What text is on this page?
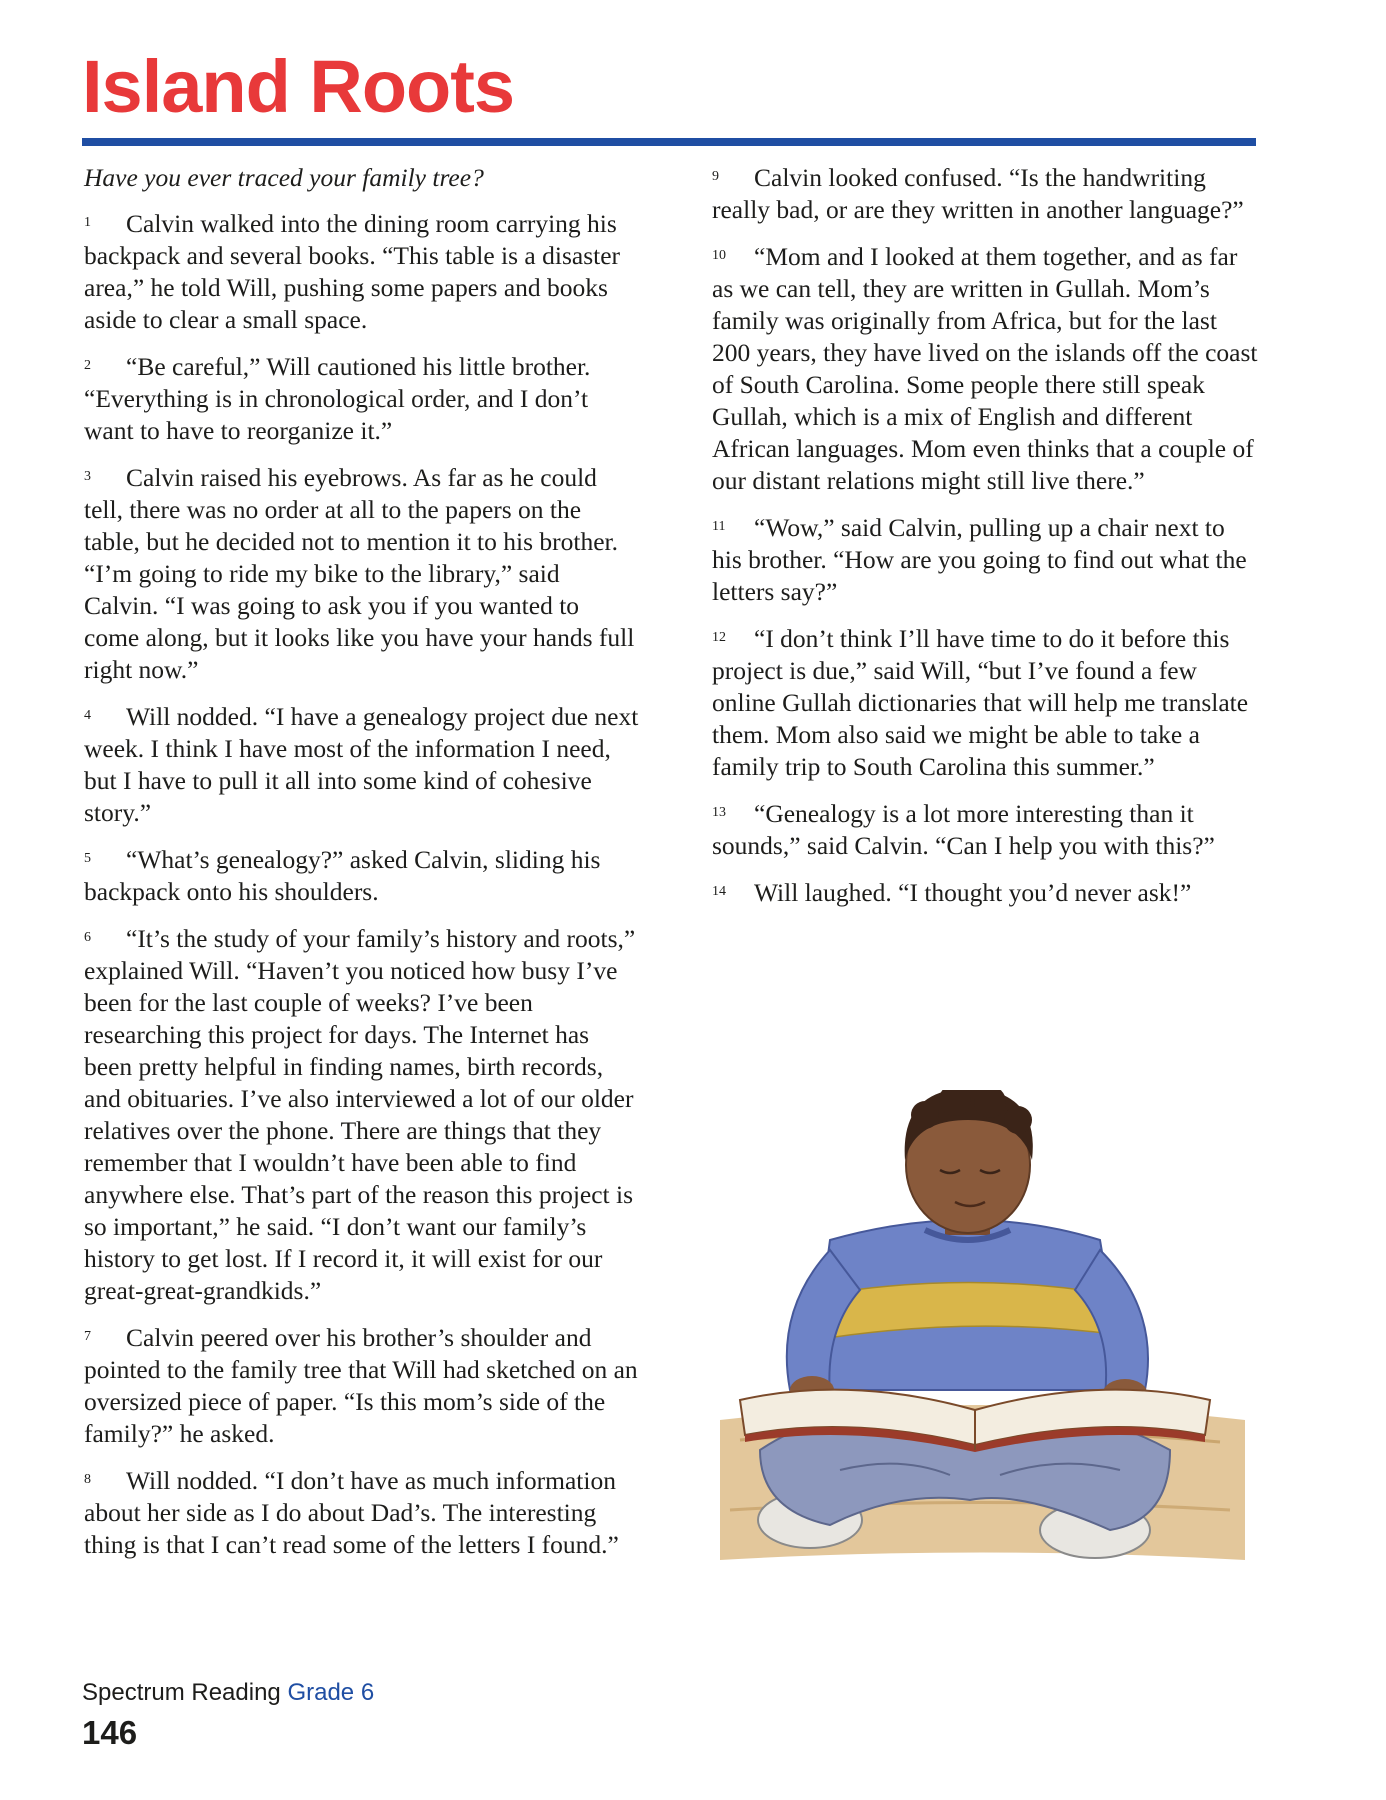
Island Roots

Have you ever traced your family tree?

1 Calvin walked into the dining room carrying his backpack and several books. “This table is a disaster area,” he told Will, pushing some papers and books aside to clear a small space.

2 “Be careful,” Will cautioned his little brother. “Everything is in chronological order, and I don’t want to have to reorganize it.”

3 Calvin raised his eyebrows. As far as he could tell, there was no order at all to the papers on the table, but he decided not to mention it to his brother. “I’m going to ride my bike to the library,” said Calvin. “I was going to ask you if you wanted to come along, but it looks like you have your hands full right now.”

4 Will nodded. “I have a genealogy project due next week. I think I have most of the information I need, but I have to pull it all into some kind of cohesive story.”

5 “What’s genealogy?” asked Calvin, sliding his backpack onto his shoulders.

6 “It’s the study of your family’s history and roots,” explained Will. “Haven’t you noticed how busy I’ve been for the last couple of weeks? I’ve been researching this project for days. The Internet has been pretty helpful in finding names, birth records, and obituaries. I’ve also interviewed a lot of our older relatives over the phone. There are things that they remember that I wouldn’t have been able to find anywhere else. That’s part of the reason this project is so important,” he said. “I don’t want our family’s history to get lost. If I record it, it will exist for our great-great-grandkids.”

7 Calvin peered over his brother’s shoulder and pointed to the family tree that Will had sketched on an oversized piece of paper. “Is this mom’s side of the family?” he asked.

8 Will nodded. “I don’t have as much information about her side as I do about Dad’s. The interesting thing is that I can’t read some of the letters I found.”

9 Calvin looked confused. “Is the handwriting really bad, or are they written in another language?”

10 “Mom and I looked at them together, and as far as we can tell, they are written in Gullah. Mom’s family was originally from Africa, but for the last 200 years, they have lived on the islands off the coast of South Carolina. Some people there still speak Gullah, which is a mix of English and different African languages. Mom even thinks that a couple of our distant relations might still live there.”

11 “Wow,” said Calvin, pulling up a chair next to his brother. “How are you going to find out what the letters say?”

12 “I don’t think I’ll have time to do it before this project is due,” said Will, “but I’ve found a few online Gullah dictionaries that will help me translate them. Mom also said we might be able to take a family trip to South Carolina this summer.”

13 “Genealogy is a lot more interesting than it sounds,” said Calvin. “Can I help you with this?”

14 Will laughed. “I thought you’d never ask!”

Spectrum Reading Grade 6
146
